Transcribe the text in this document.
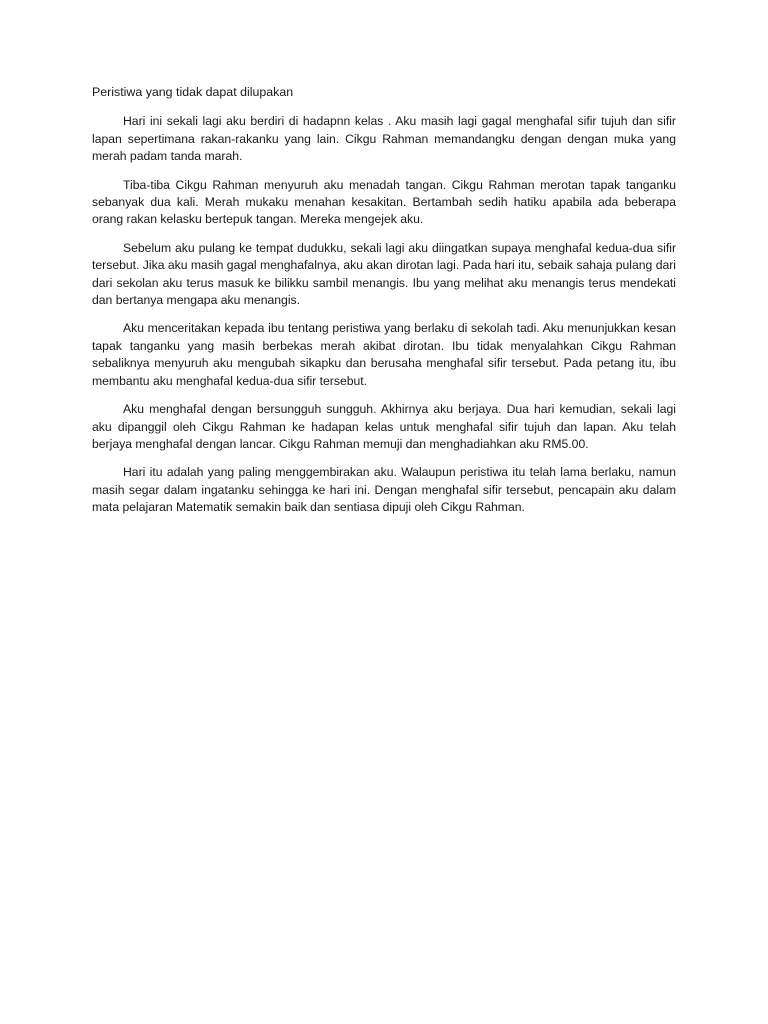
Peristiwa yang tidak dapat dilupakan

Hari ini sekali lagi aku berdiri di hadapnn kelas . Aku masih lagi gagal menghafal sifir tujuh dan sifir lapan sepertimana rakan-rakanku yang lain. Cikgu Rahman memandangku dengan dengan muka yang merah padam tanda marah.

Tiba-tiba Cikgu Rahman menyuruh aku menadah tangan. Cikgu Rahman merotan tapak tanganku sebanyak dua kali. Merah mukaku menahan kesakitan. Bertambah sedih hatiku apabila ada beberapa orang rakan kelasku bertepuk tangan. Mereka mengejek aku.

Sebelum aku pulang ke tempat dudukku, sekali lagi aku diingatkan supaya menghafal kedua-dua sifir tersebut. Jika aku masih gagal menghafalnya, aku akan dirotan lagi. Pada hari itu, sebaik sahaja pulang dari dari sekolan aku terus masuk ke bilikku sambil menangis. Ibu yang melihat aku menangis terus mendekati dan bertanya mengapa aku menangis.

Aku menceritakan kepada ibu tentang peristiwa yang berlaku di sekolah tadi. Aku menunjukkan kesan tapak tanganku yang masih berbekas merah akibat dirotan. Ibu tidak menyalahkan Cikgu Rahman sebaliknya menyuruh aku mengubah sikapku dan berusaha menghafal sifir tersebut. Pada petang itu, ibu membantu aku menghafal kedua-dua sifir tersebut.

Aku menghafal dengan bersungguh sungguh. Akhirnya aku berjaya. Dua hari kemudian, sekali lagi aku dipanggil oleh Cikgu Rahman ke hadapan kelas untuk menghafal sifir tujuh dan lapan. Aku telah berjaya menghafal dengan lancar. Cikgu Rahman memuji dan menghadiahkan aku RM5.00.

Hari itu adalah yang paling menggembirakan aku. Walaupun peristiwa itu telah lama berlaku, namun masih segar dalam ingatanku sehingga ke hari ini. Dengan menghafal sifir tersebut, pencapain aku dalam mata pelajaran Matematik semakin baik dan sentiasa dipuji oleh Cikgu Rahman.
